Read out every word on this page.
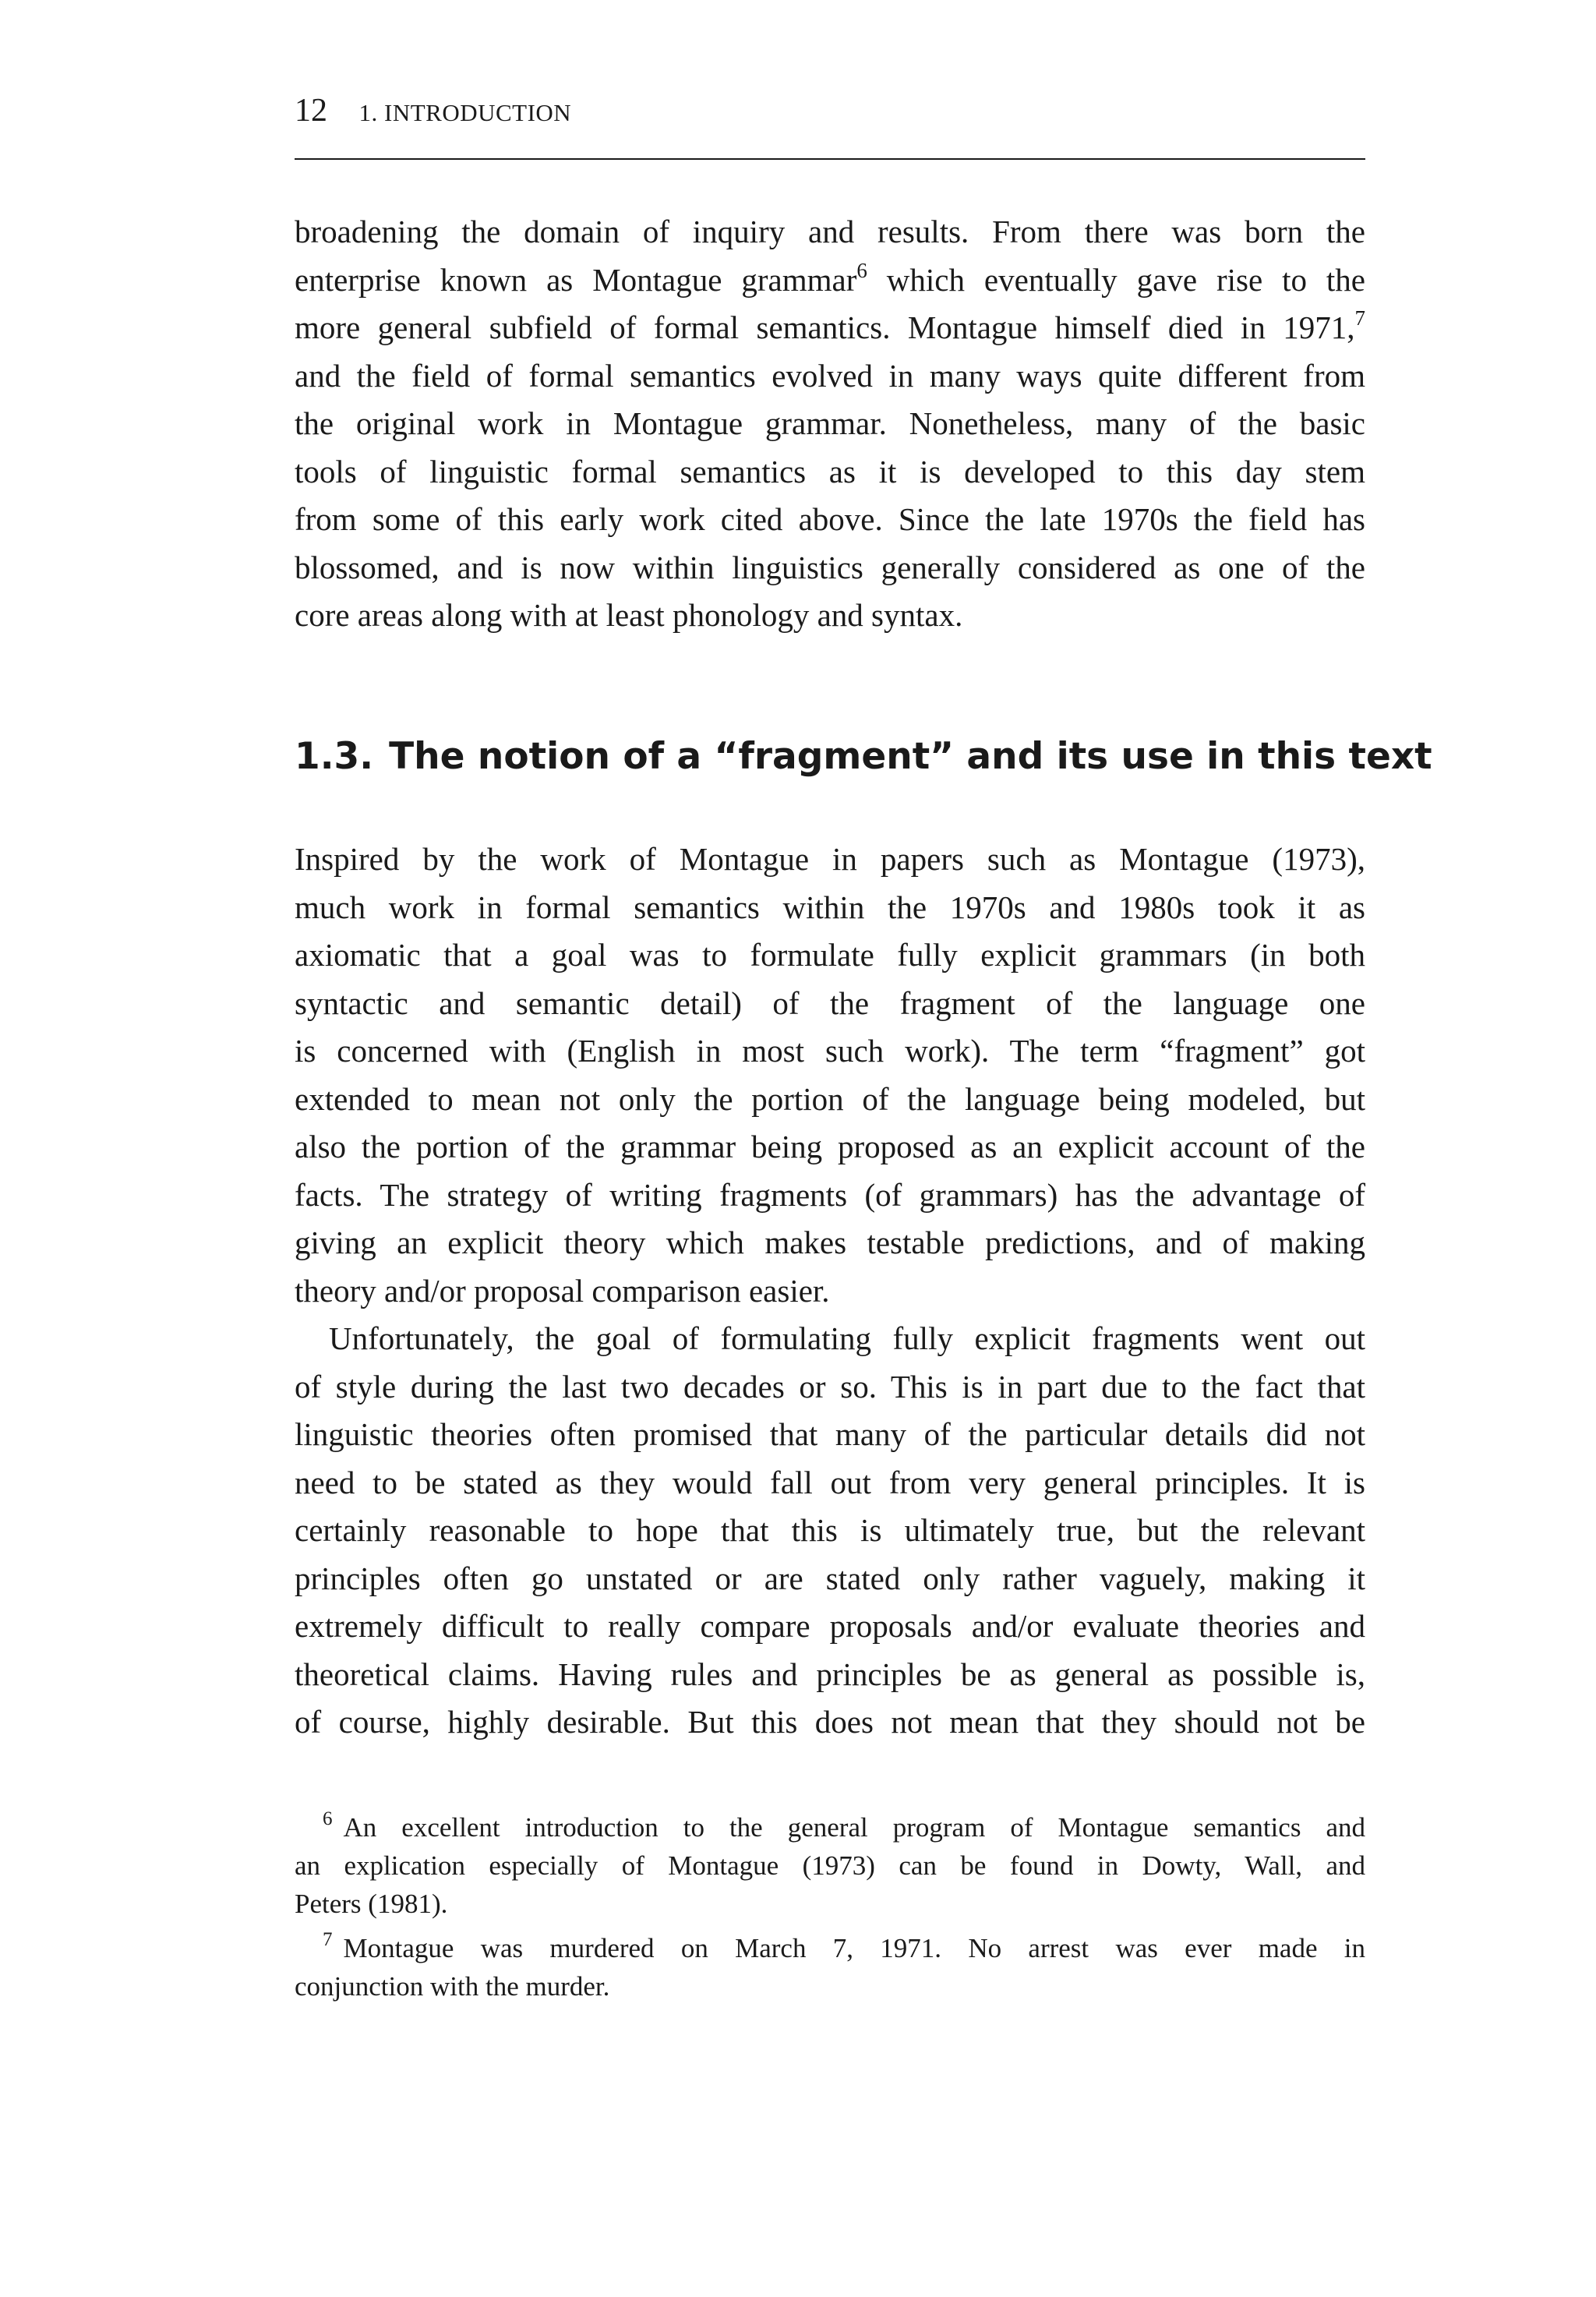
12 1. INTRODUCTION
broadening the domain of inquiry and results. From there was born the
enterprise known as Montague grammar$^6$ which eventually gave rise to the
more general subfield of formal semantics. Montague himself died in 1971,$^7$
and the field of formal semantics evolved in many ways quite different from
the original work in Montague grammar. Nonetheless, many of the basic
tools of linguistic formal semantics as it is developed to this day stem
from some of this early work cited above. Since the late 1970s the field has
blossomed, and is now within linguistics generally considered as one of the
core areas along with at least phonology and syntax.
1.3. The notion of a “fragment” and its use in this text
Inspired by the work of Montague in papers such as Montague (1973),
much work in formal semantics within the 1970s and 1980s took it as
axiomatic that a goal was to formulate fully explicit grammars (in both
syntactic and semantic detail) of the fragment of the language one
is concerned with (English in most such work). The term “fragment” got
extended to mean not only the portion of the language being modeled, but
also the portion of the grammar being proposed as an explicit account of the
facts. The strategy of writing fragments (of grammars) has the advantage of
giving an explicit theory which makes testable predictions, and of making
theory and/or proposal comparison easier.
Unfortunately, the goal of formulating fully explicit fragments went out
of style during the last two decades or so. This is in part due to the fact that
linguistic theories often promised that many of the particular details did not
need to be stated as they would fall out from very general principles. It is
certainly reasonable to hope that this is ultimately true, but the relevant
principles often go unstated or are stated only rather vaguely, making it
extremely difficult to really compare proposals and/or evaluate theories and
theoretical claims. Having rules and principles be as general as possible is,
of course, highly desirable. But this does not mean that they should not be
$^6$ An excellent introduction to the general program of Montague semantics and
an explication especially of Montague (1973) can be found in Dowty, Wall, and
Peters (1981).
$^7$ Montague was murdered on March 7, 1971. No arrest was ever made in
conjunction with the murder.
